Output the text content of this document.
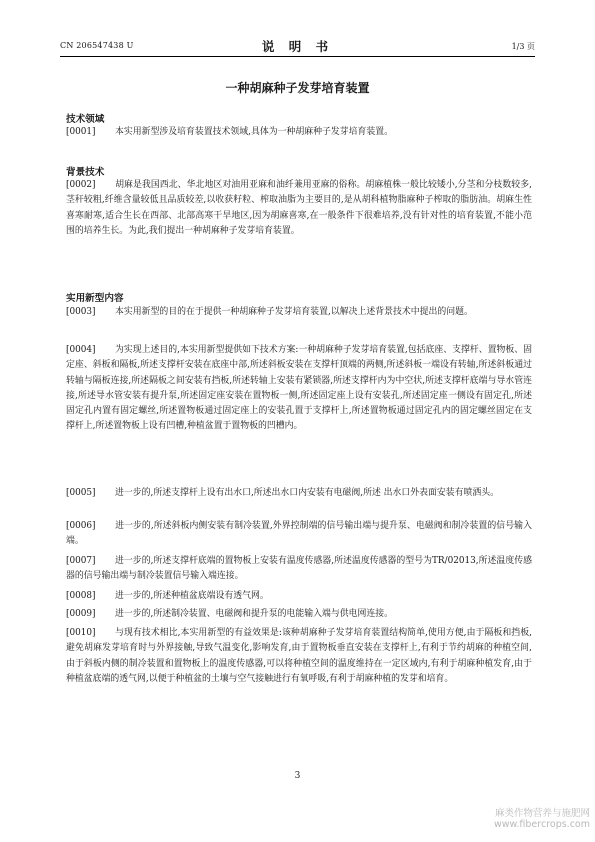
CN 206547438 U	说 明 书	1/3 页
一种胡麻种子发芽培育装置
技术领域

[0001] 本实用新型涉及培育装置技术领域,具体为一种胡麻种子发芽培育装置。

背景技术

[0002] 胡麻是我国西北、华北地区对油用亚麻和油纤兼用亚麻的俗称。胡麻植株一般比较矮小,分茎和分枝数较多,茎秆较粗,纤维含量较低且品质较差,以收获籽粒、榨取油脂为主要目的,是从胡科植物脂麻种子榨取的脂肪油。胡麻生性喜寒耐寒,适合生长在西部、北部高寒干旱地区,因为胡麻喜寒,在一般条件下很难培养,没有针对性的培育装置,不能小范围的培养生长。为此,我们提出一种胡麻种子发芽培育装置。

实用新型内容

[0003] 本实用新型的目的在于提供一种胡麻种子发芽培育装置,以解决上述背景技术中提出的问题。

[0004] 为实现上述目的,本实用新型提供如下技术方案:一种胡麻种子发芽培育装置,包括底座、支撑杆、置物板、固定座、斜板和隔板,所述支撑杆安装在底座中部,所述斜板安装在支撑杆顶端的两侧,所述斜板一端设有转轴,所述斜板通过转轴与隔板连接,所述隔板之间安装有挡板,所述转轴上安装有紧锁器,所述支撑杆内为中空状,所述支撑杆底端与导水管连接,所述导水管安装有提升泵,所述固定座安装在置物板一侧,所述固定座上设有安装孔,所述固定座一侧设有固定孔,所述固定孔内置有固定螺丝,所述置物板通过固定座上的安装孔置于支撑杆上,所述置物板通过固定孔内的固定螺丝固定在支撑杆上,所述置物板上设有凹槽,种植盆置于置物板的凹槽内。

[0005] 进一步的,所述支撑杆上设有出水口,所述出水口内安装有电磁阀,所述 出水口外表面安装有喷洒头。

[0006] 进一步的,所述斜板内侧安装有制冷装置,外界控制端的信号输出端与提升泵、电磁阀和制冷装置的信号输入端。

[0007] 进一步的,所述支撑杆底端的置物板上安装有温度传感器,所述温度传感器的型号为TR/02013,所述温度传感器的信号输出端与制冷装置信号输入端连接。

[0008] 进一步的,所述种植盆底端设有透气网。

[0009] 进一步的,所述制冷装置、电磁阀和提升泵的电能输入端与供电网连接。

[0010] 与现有技术相比,本实用新型的有益效果是:该种胡麻种子发芽培育装置结构简单,使用方便,由于隔板和挡板,避免胡麻发芽培育时与外界接触,导致气温变化,影响发育,由于置物板垂直安装在支撑杆上,有利于节约胡麻的种植空间,由于斜板内侧的制冷装置和置物板上的温度传感器,可以将种植空间的温度维持在一定区域内,有利于胡麻种植发育,由于种植盆底端的透气网,以便于种植盆的土壤与空气接触进行有氧呼吸,有利于胡麻种植的发芽和培育。

3
麻类作物营养与施肥网
www.fibercrops.com
